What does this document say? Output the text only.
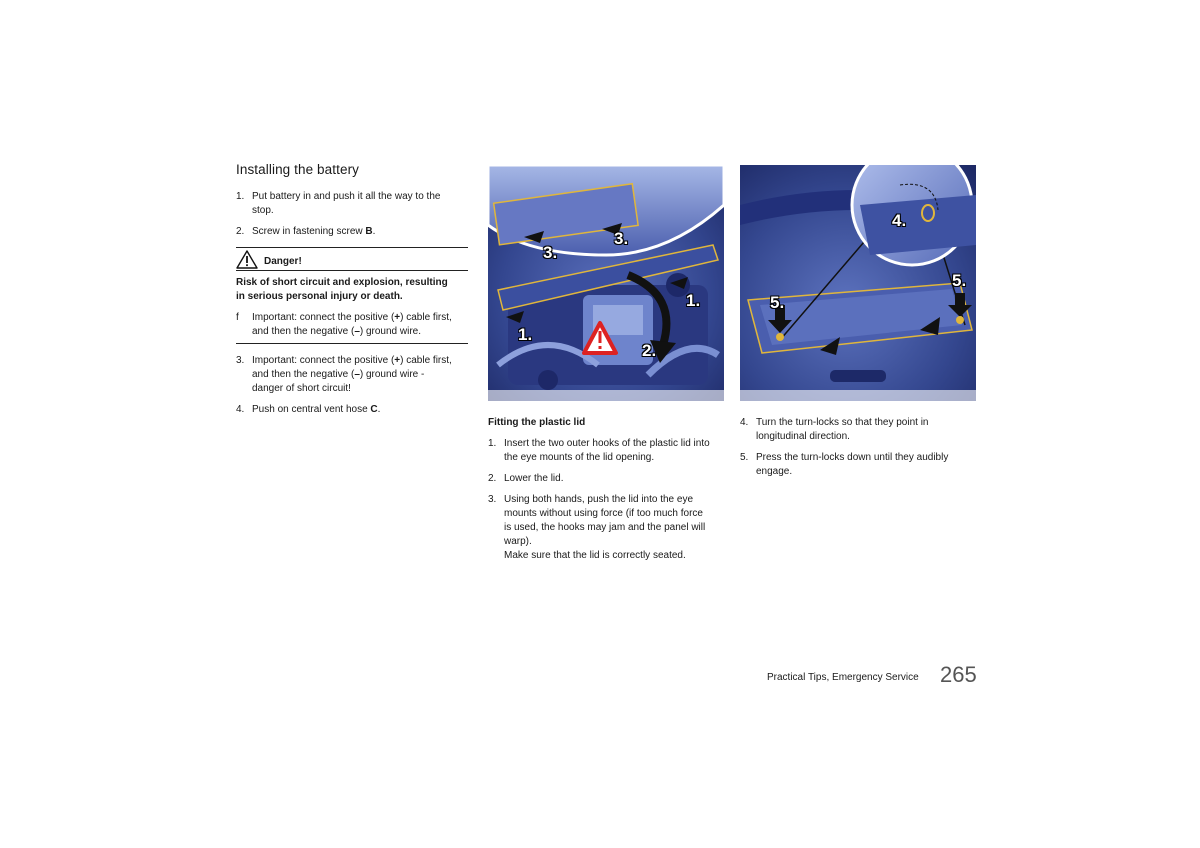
Installing the battery
1. Put battery in and push it all the way to the
stop.
2. Screw in fastening screw B.
Danger!
Risk of short circuit and explosion, resulting
in serious personal injury or death.
f Important: connect the positive (+) cable first,
and then the negative (–) ground wire.
3. Important: connect the positive (+) cable first,
and then the negative (–) ground wire -
danger of short circuit!
4. Push on central vent hose C.
3.
3.
1.
1.
2.
Fitting the plastic lid
1. Insert the two outer hooks of the plastic lid into
the eye mounts of the lid opening.
2. Lower the lid.
3. Using both hands, push the lid into the eye
mounts without using force (if too much force
is used, the hooks may jam and the panel will
warp).
Make sure that the lid is correctly seated.
4.
5.
5.
4. Turn the turn-locks so that they point in
longitudinal direction.
5. Press the turn-locks down until they audibly
engage.
Practical Tips, Emergency Service 265
